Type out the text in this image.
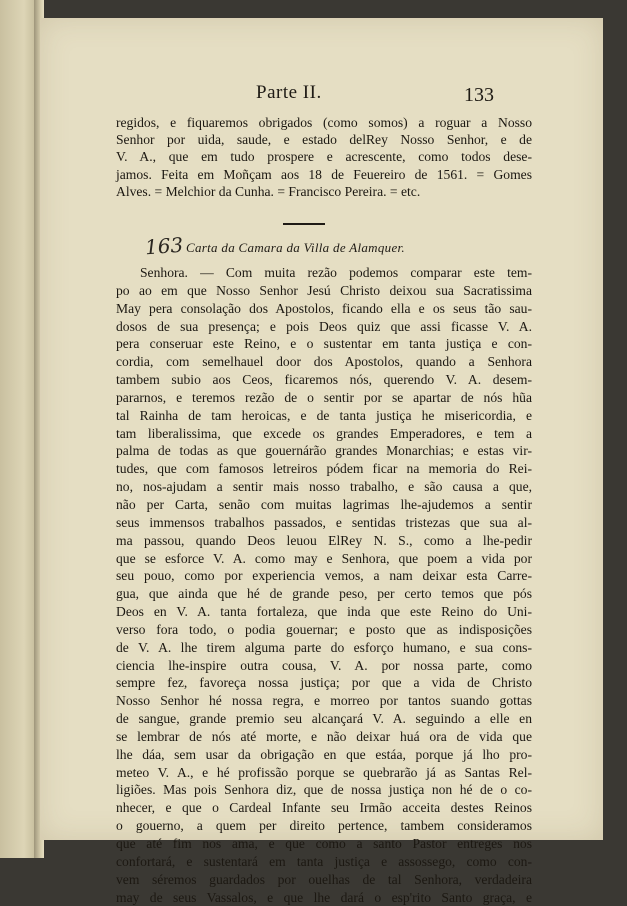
Parte II.	133
regidos, e fiquaremos obrigados (como somos) a roguar a Nosso
Senhor por uida, saude, e estado delRey Nosso Senhor, e de
V. A., que em tudo prospere e acrescente, como todos dese-
jamos. Feita em Moñçam aos 18 de Feuereiro de 1561. = Gomes
Alves. = Melchior da Cunha. = Francisco Pereira. = etc.
163 Carta da Camara da Villa de Alamquer.
Senhora. — Com muita rezão podemos comparar este tem-
po ao em que Nosso Senhor Jesú Christo deixou sua Sacratissima
May pera consolação dos Apostolos, ficando ella e os seus tão sau-
dosos de sua presença; e pois Deos quiz que assi ficasse V. A.
pera conseruar este Reino, e o sustentar em tanta justiça e con-
cordia, com semelhauel door dos Apostolos, quando a Senhora
tambem subio aos Ceos, ficaremos nós, querendo V. A. desem-
pararnos, e teremos rezão de o sentir por se apartar de nós hũa
tal Rainha de tam heroicas, e de tanta justiça he misericordia, e
tam liberalissima, que excede os grandes Emperadores, e tem a
palma de todas as que gouernárão grandes Monarchias; e estas vir-
tudes, que com famosos letreiros pódem ficar na memoria do Rei-
no, nos-ajudam a sentir mais nosso trabalho, e são causa a que,
não per Carta, senão com muitas lagrimas lhe-ajudemos a sentir
seus immensos trabalhos passados, e sentidas tristezas que sua al-
ma passou, quando Deos leuou ElRey N. S., como a lhe-pedir
que se esforce V. A. como may e Senhora, que poem a vida por
seu pouo, como por experiencia vemos, a nam deixar esta Carre-
gua, que ainda que hé de grande peso, per certo temos que pós
Deos en V. A. tanta fortaleza, que inda que este Reino do Uni-
verso fora todo, o podia gouernar; e posto que as indisposições
de V. A. lhe tirem alguma parte do esforço humano, e sua cons-
ciencia lhe-inspire outra cousa, V. A. por nossa parte, como
sempre fez, favoreça nossa justiça; por que a vida de Christo
Nosso Senhor hé nossa regra, e morreo por tantos suando gottas
de sangue, grande premio seu alcançará V. A. seguindo a elle en
se lembrar de nós até morte, e não deixar huá ora de vida que
lhe dáa, sem usar da obrigação en que estáa, porque já lho pro-
meteo V. A., e hé profissão porque se quebrarão já as Santas Rel-
ligiões. Mas pois Senhora diz, que de nossa justiça non hé de o co-
nhecer, e que o Cardeal Infante seu Irmão acceita destes Reinos
o gouerno, a quem per direito pertence, tambem consideramos
que até fim nos ama, e que como a santo Pastor entreges nos
confortará, e sustentará em tanta justiça e assossego, como con-
vem séremos guardados por ouelhas de tal Senhora, verdadeira
may de seus Vassalos, e que lhe dará o esp'rito Santo graça, e
